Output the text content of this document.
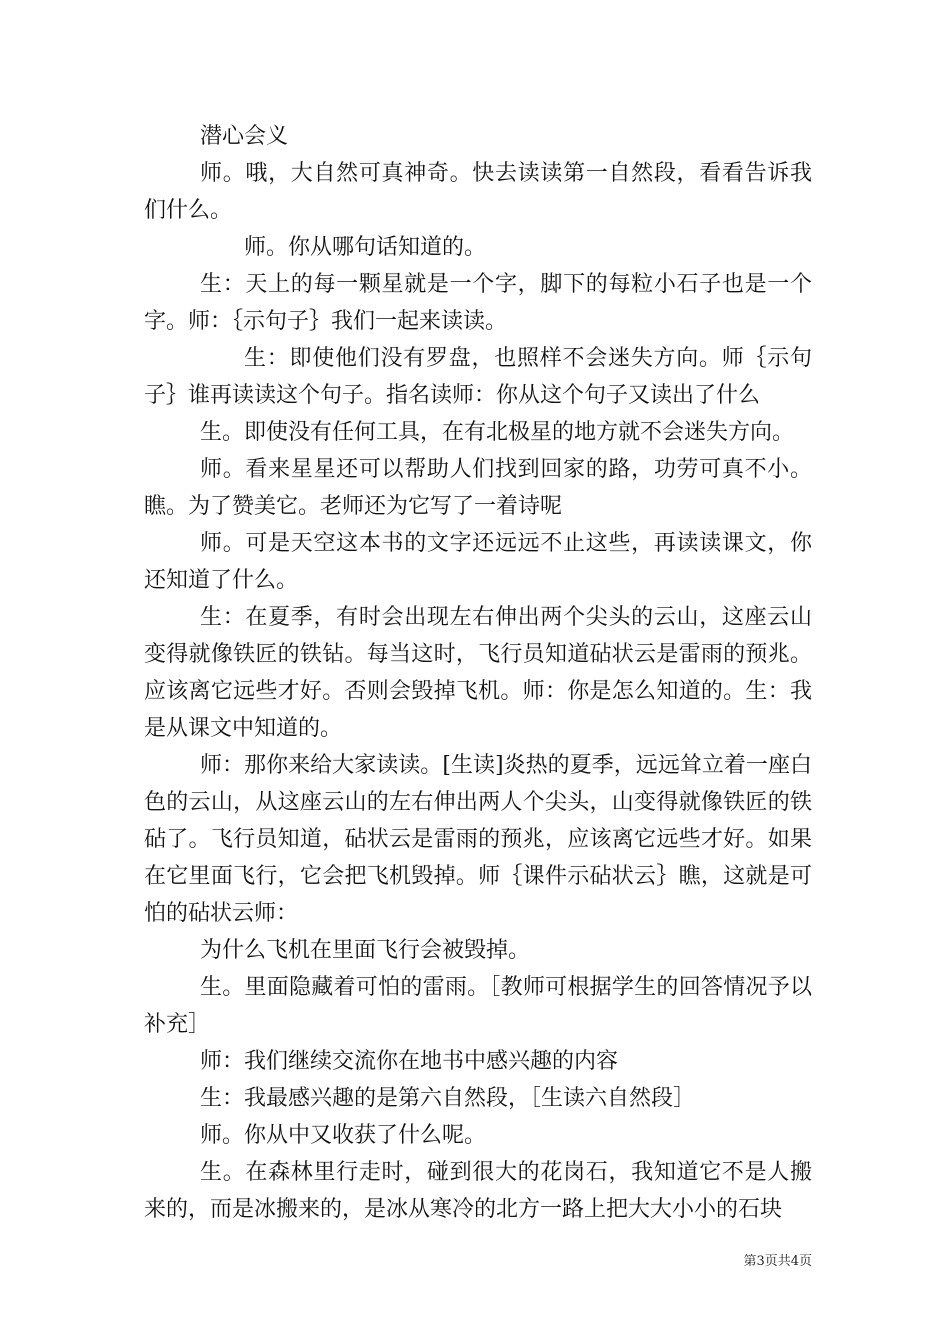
潜心会义

师。哦，大自然可真神奇。快去读读第一自然段，看看告诉我们什么。

师。你从哪句话知道的。

生：天上的每一颗星就是一个字，脚下的每粒小石子也是一个字。师：｛示句子｝我们一起来读读。

生：即使他们没有罗盘，也照样不会迷失方向。师｛示句子｝谁再读读这个句子。指名读师：你从这个句子又读出了什么

生。即使没有任何工具，在有北极星的地方就不会迷失方向。

师。看来星星还可以帮助人们找到回家的路，功劳可真不小。瞧。为了赞美它。老师还为它写了一着诗呢

师。可是天空这本书的文字还远远不止这些，再读读课文，你还知道了什么。

生：在夏季，有时会出现左右伸出两个尖头的云山，这座云山变得就像铁匠的铁钻。每当这时，飞行员知道砧状云是雷雨的预兆。应该离它远些才好。否则会毁掉飞机。师：你是怎么知道的。生：我是从课文中知道的。

师：那你来给大家读读。[生读]炎热的夏季，远远耸立着一座白色的云山，从这座云山的左右伸出两人个尖头，山变得就像铁匠的铁砧了。飞行员知道，砧状云是雷雨的预兆，应该离它远些才好。如果在它里面飞行，它会把飞机毁掉。师｛课件示砧状云｝瞧，这就是可怕的砧状云师：

为什么飞机在里面飞行会被毁掉。

生。里面隐藏着可怕的雷雨。［教师可根据学生的回答情况予以补充］

师：我们继续交流你在地书中感兴趣的内容

生：我最感兴趣的是第六自然段，［生读六自然段］

师。你从中又收获了什么呢。

生。在森林里行走时，碰到很大的花岗石，我知道它不是人搬来的，而是冰搬来的，是冰从寒冷的北方一路上把大大小小的石块

第3页共4页
